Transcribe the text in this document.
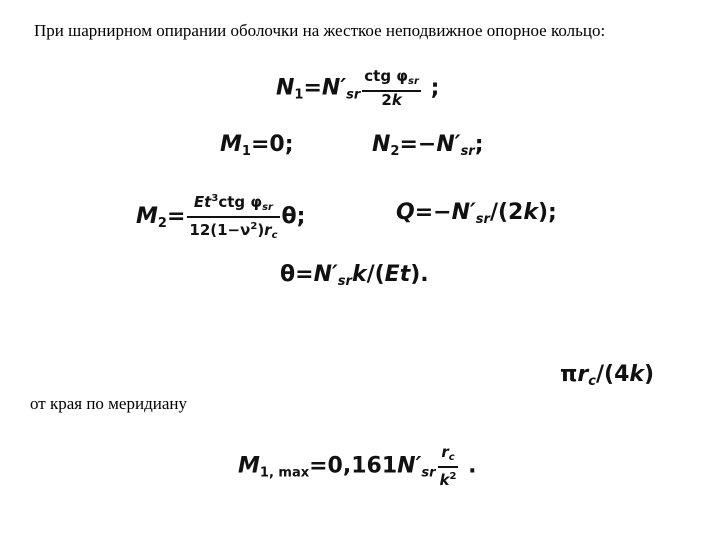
При шарнирном опирании оболочки на жесткое неподвижное опорное кольцо:
$N_1=N'_{sr} \frac{ctg \varphi_{sr}}{2k}$ ;
$M_1=0$;	$N_2=-N'_{sr}$;
$M_2= \frac{Et^3ctg \varphi_{sr}}{12(1-\nu^2)r_c} \theta$;	$Q=-N'_{sr}/(2k)$;
$\theta=N'_{sr}k/(Et)$.
$\pi r_c/(4k)$
от края по меридиану
$M_{1, max}=0,161N'_{sr} \frac{r_c}{k^2}$ .
